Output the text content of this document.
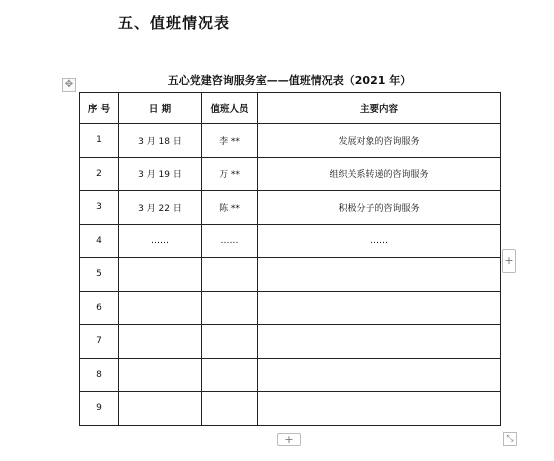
五、值班情况表
✥	五心党建咨询服务室——值班情况表（2021 年）
序 号	日 期	值班人员	主要内容
1	3 月 18 日	李 **	发展对象的咨询服务
2	3 月 19 日	万 **	组织关系转递的咨询服务
3	3 月 22 日	陈 **	积极分子的咨询服务
4	……	……	……
5			
6			
7			
8			
9			
+
+	⤡
